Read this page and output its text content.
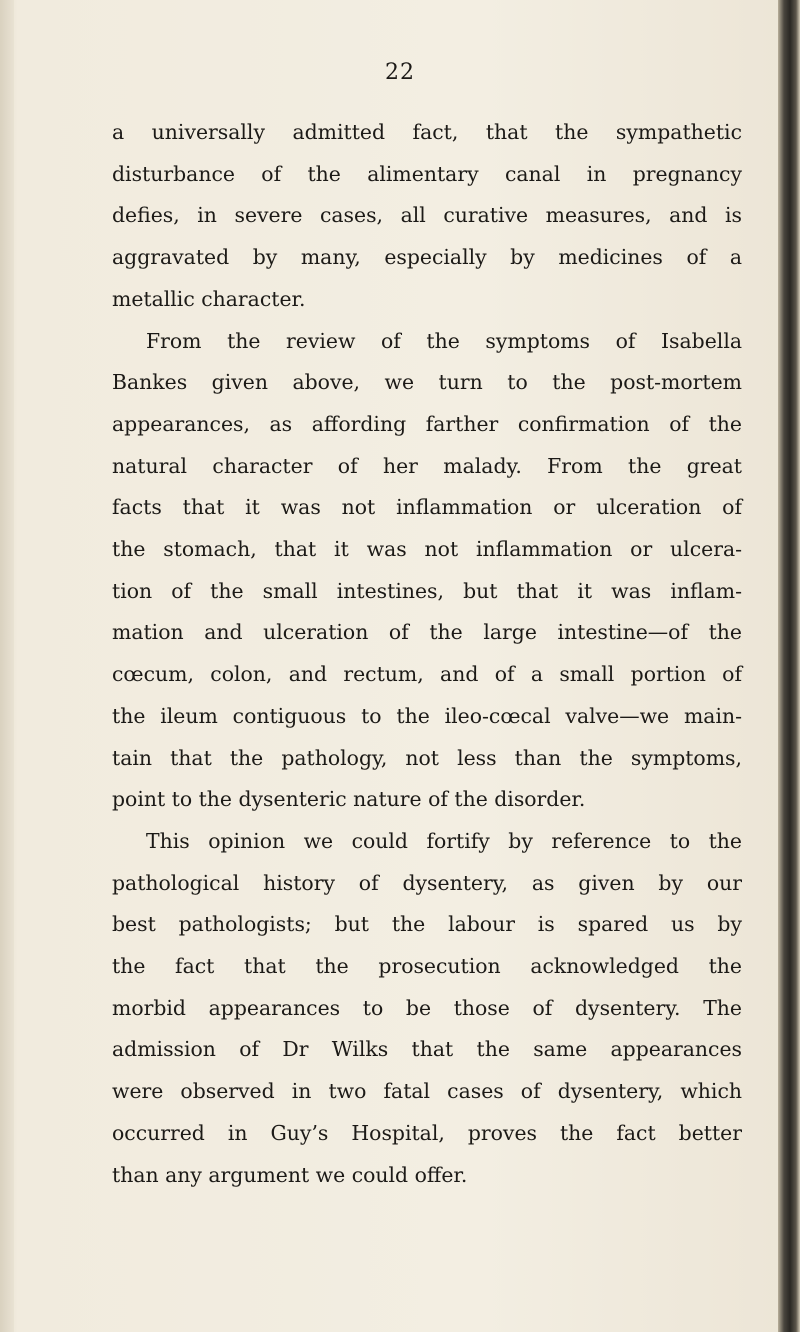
22
a universally admitted fact, that the sympathetic
disturbance of the alimentary canal in pregnancy
defies, in severe cases, all curative measures, and is
aggravated by many, especially by medicines of a
metallic character.
From the review of the symptoms of Isabella
Bankes given above, we turn to the post-mortem
appearances, as affording farther confirmation of the
natural character of her malady. From the great
facts that it was not inflammation or ulceration of
the stomach, that it was not inflammation or ulcera-
tion of the small intestines, but that it was inflam-
mation and ulceration of the large intestine—of the
cœcum, colon, and rectum, and of a small portion of
the ileum contiguous to the ileo-cœcal valve—we main-
tain that the pathology, not less than the symptoms,
point to the dysenteric nature of the disorder.
This opinion we could fortify by reference to the
pathological history of dysentery, as given by our
best pathologists; but the labour is spared us by
the fact that the prosecution acknowledged the
morbid appearances to be those of dysentery. The
admission of Dr Wilks that the same appearances
were observed in two fatal cases of dysentery, which
occurred in Guy’s Hospital, proves the fact better
than any argument we could offer.
